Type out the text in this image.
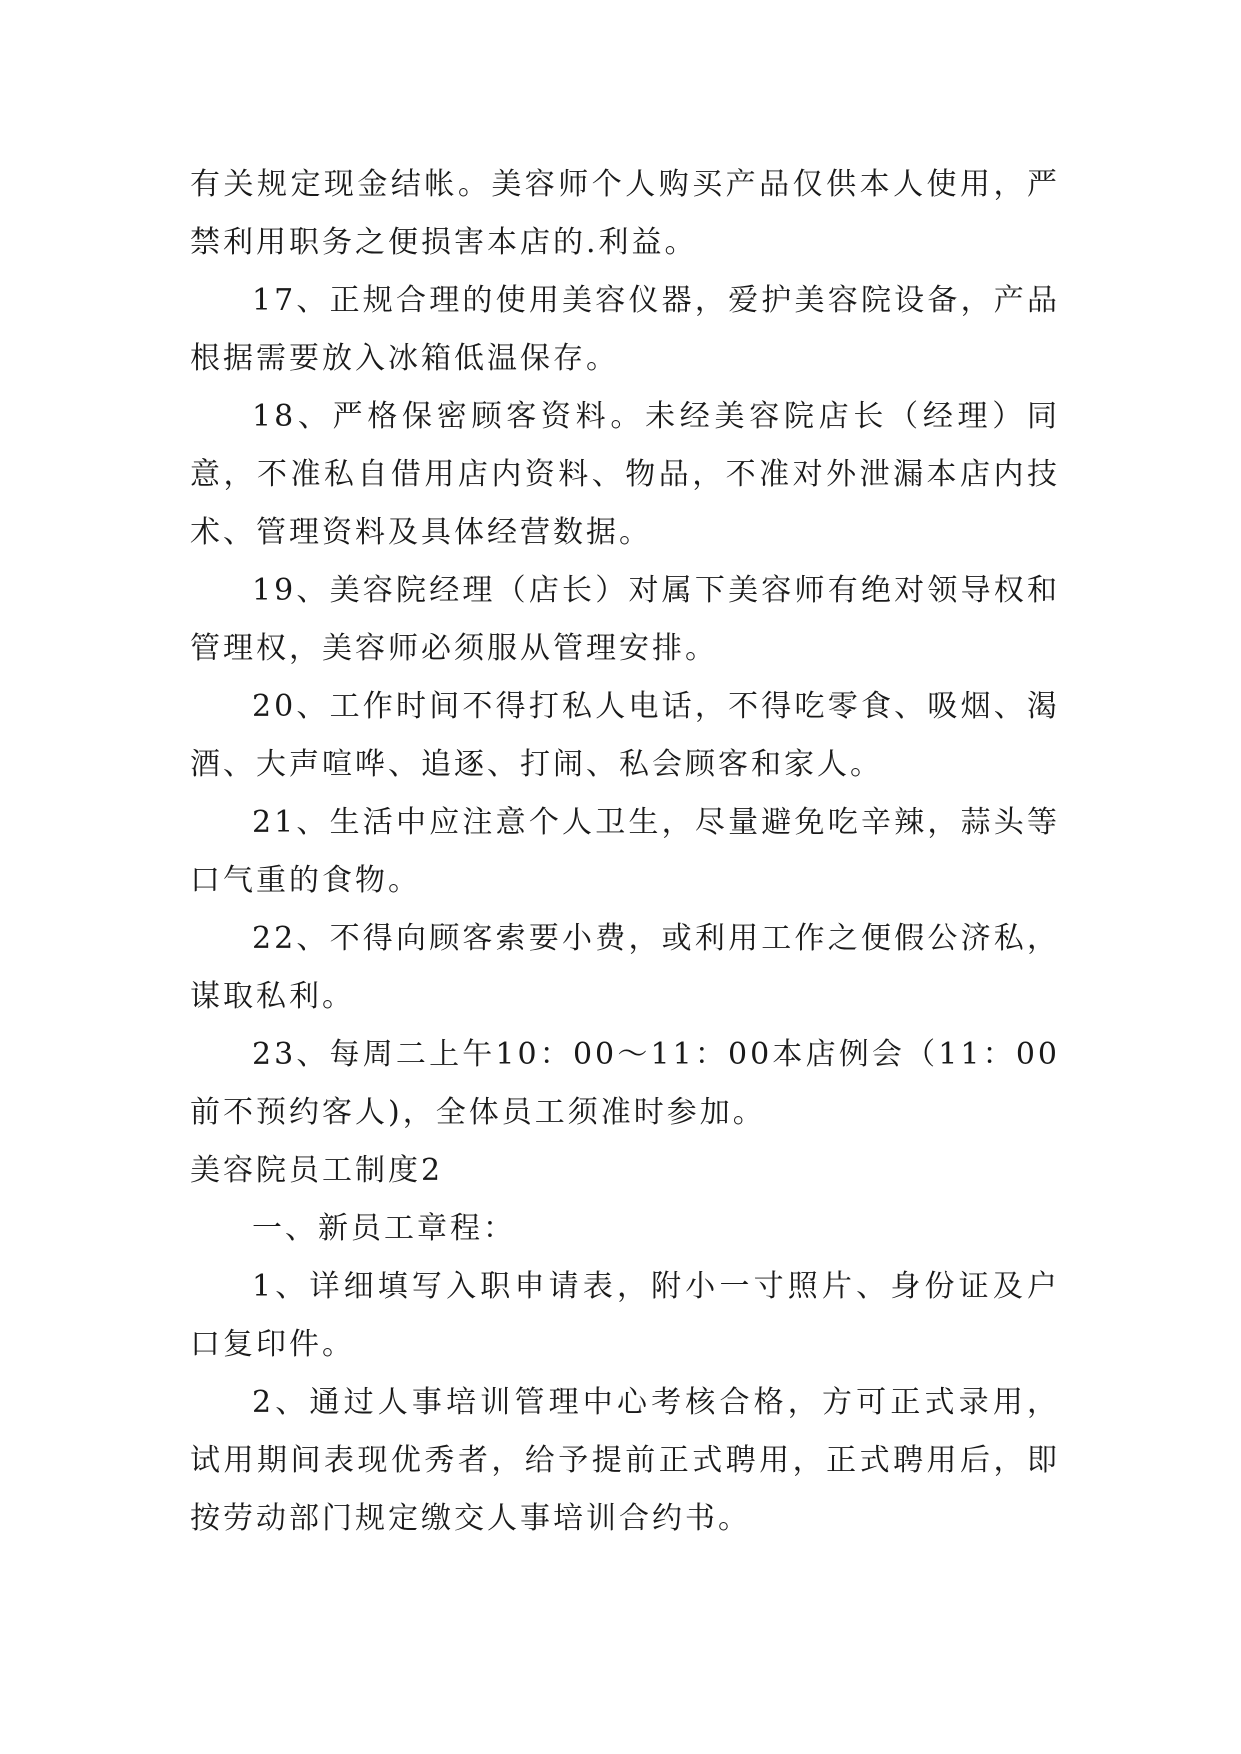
有关规定现金结帐。美容师个人购买产品仅供本人使用，严禁利用职务之便损害本店的.利益。

17、正规合理的使用美容仪器，爱护美容院设备，产品根据需要放入冰箱低温保存。

18、严格保密顾客资料。未经美容院店长（经理）同意，不准私自借用店内资料、物品，不准对外泄漏本店内技术、管理资料及具体经营数据。

19、美容院经理（店长）对属下美容师有绝对领导权和管理权，美容师必须服从管理安排。

20、工作时间不得打私人电话，不得吃零食、吸烟、渴酒、大声喧哗、追逐、打闹、私会顾客和家人。

21、生活中应注意个人卫生，尽量避免吃辛辣，蒜头等口气重的食物。

22、不得向顾客索要小费，或利用工作之便假公济私，谋取私利。

23、每周二上午10：00～11：00本店例会（11：00前不预约客人)，全体员工须准时参加。

美容院员工制度2

一、新员工章程：

1、详细填写入职申请表，附小一寸照片、身份证及户口复印件。

2、通过人事培训管理中心考核合格，方可正式录用，试用期间表现优秀者，给予提前正式聘用，正式聘用后，即按劳动部门规定缴交人事培训合约书。
